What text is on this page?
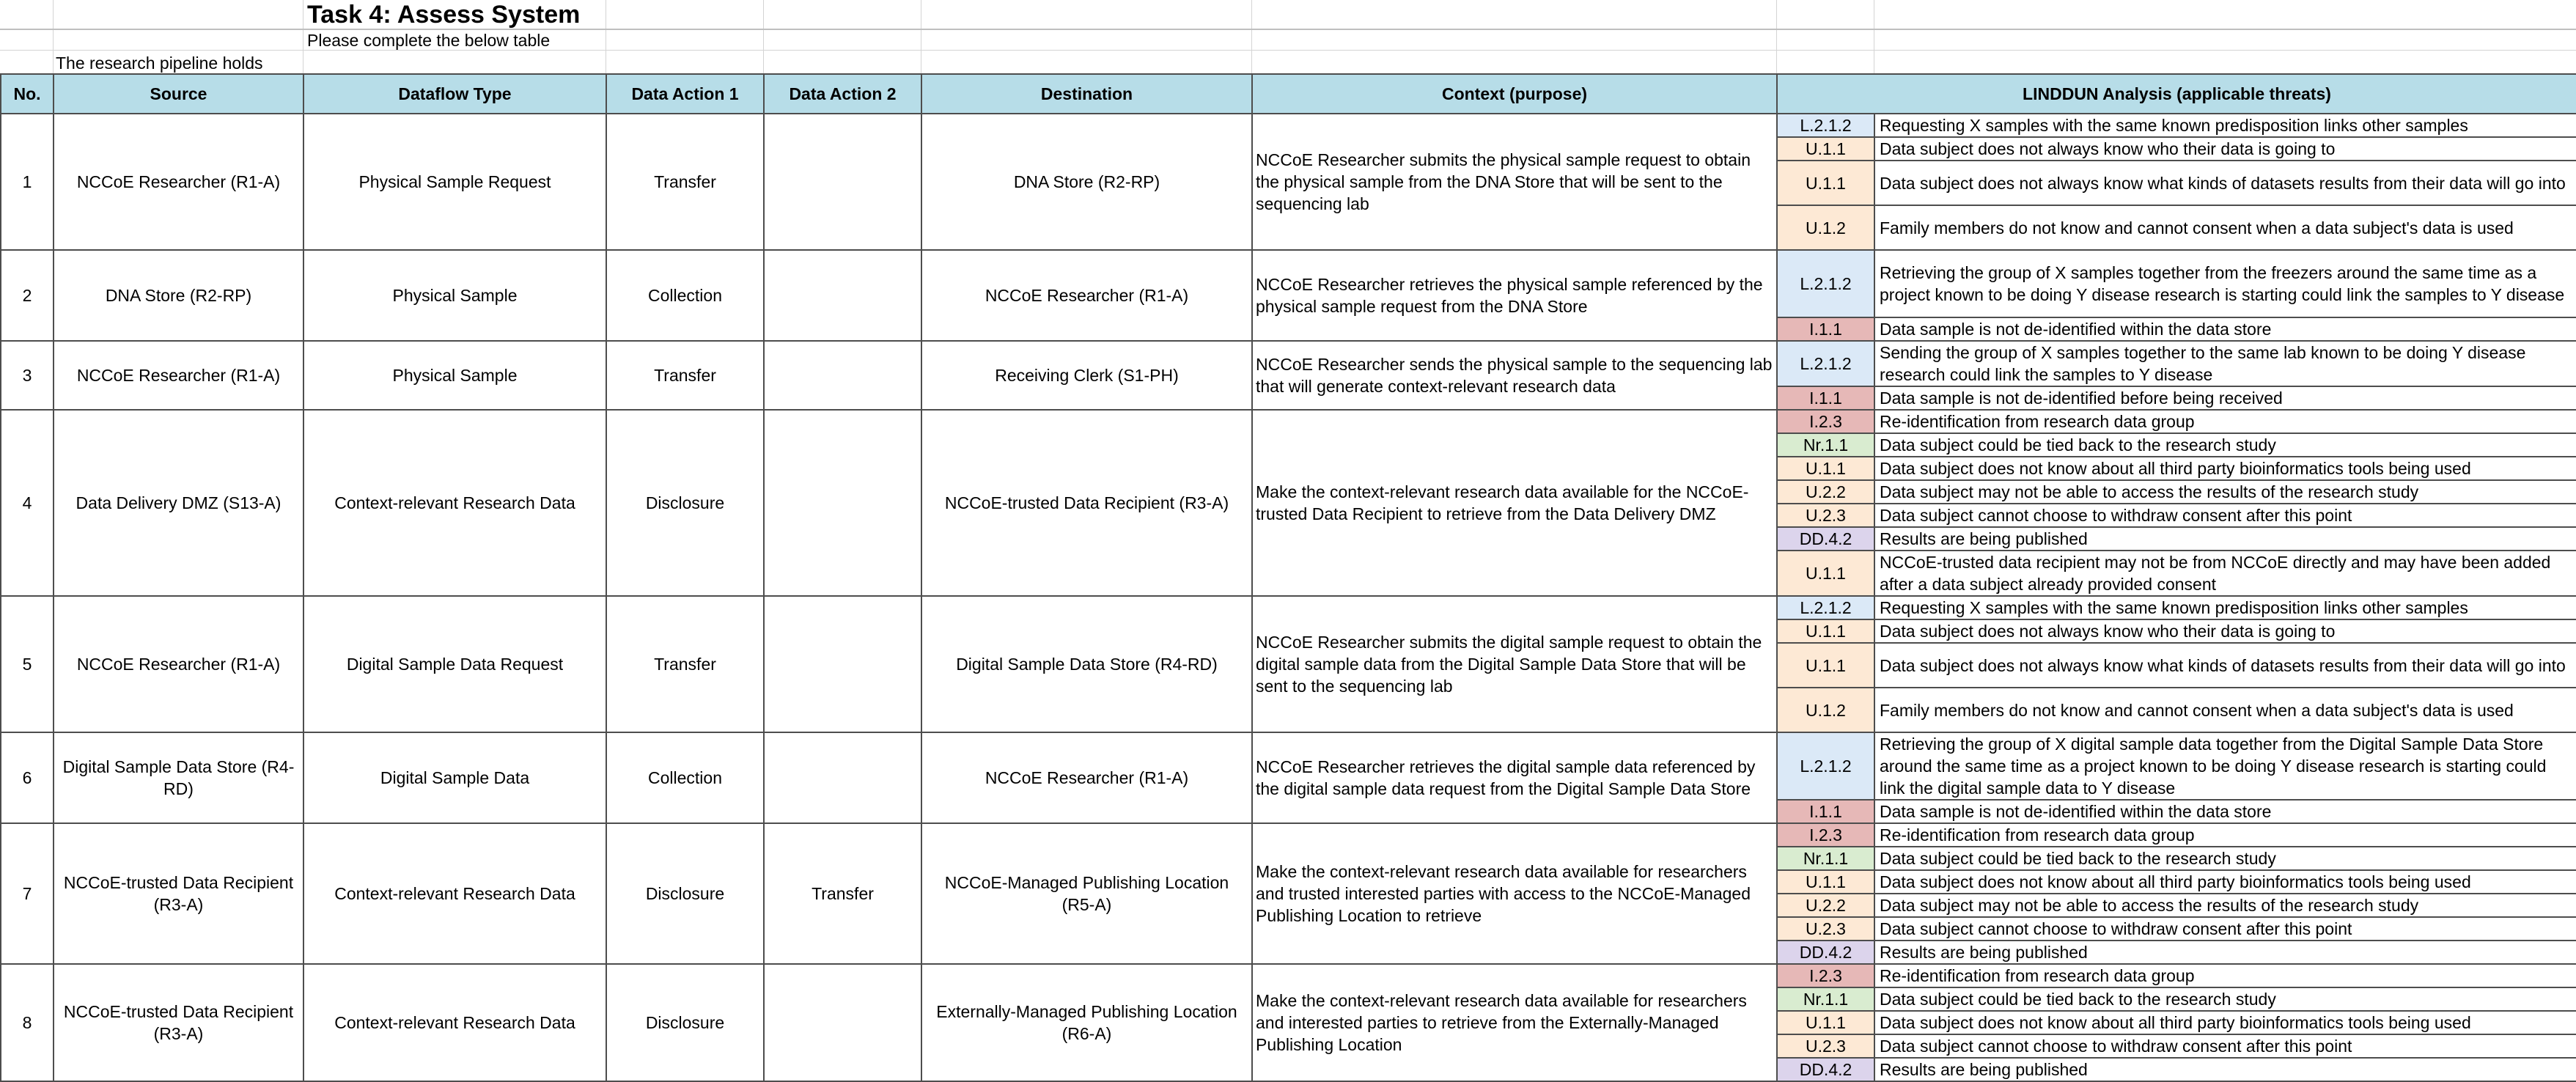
Task 4: Assess System
Please complete the below table
The research pipeline holds
No.	Source	Dataflow Type	Data Action 1	Data Action 2	Destination	Context (purpose)	LINDDUN Analysis (applicable threats)	
1	NCCoE Researcher (R1-A)	Physical Sample Request	Transfer		DNA Store (R2-RP)	NCCoE Researcher submits the physical sample request to obtain the physical sample from the DNA Store that will be sent to the sequencing lab	L.2.1.2	Requesting X samples with the same known predisposition links other samples
							U.1.1	Data subject does not always know who their data is going to
							U.1.1	Data subject does not always know what kinds of datasets results from their data will go into
							U.1.2	Family members do not know and cannot consent when a data subject's data is used
2	DNA Store (R2-RP)	Physical Sample	Collection		NCCoE Researcher (R1-A)	NCCoE Researcher retrieves the physical sample referenced by the physical sample request from the DNA Store	L.2.1.2	Retrieving the group of X samples together from the freezers around the same time as a project known to be doing Y disease research is starting could link the samples to Y disease
							I.1.1	Data sample is not de-identified within the data store
3	NCCoE Researcher (R1-A)	Physical Sample	Transfer		Receiving Clerk (S1-PH)	NCCoE Researcher sends the physical sample to the sequencing lab that will generate context-relevant research data	L.2.1.2	Sending the group of X samples together to the same lab known to be doing Y disease research could link the samples to Y disease
							I.1.1	Data sample is not de-identified before being received
4	Data Delivery DMZ (S13-A)	Context-relevant Research Data	Disclosure		NCCoE-trusted Data Recipient (R3-A)	Make the context-relevant research data available for the NCCoE-trusted Data Recipient to retrieve from the Data Delivery DMZ	I.2.3	Re-identification from research data group
							Nr.1.1	Data subject could be tied back to the research study
							U.1.1	Data subject does not know about all third party bioinformatics tools being used
							U.2.2	Data subject may not be able to access the results of the research study
							U.2.3	Data subject cannot choose to withdraw consent after this point
							DD.4.2	Results are being published
							U.1.1	NCCoE-trusted data recipient may not be from NCCoE directly and may have been added after a data subject already provided consent
5	NCCoE Researcher (R1-A)	Digital Sample Data Request	Transfer		Digital Sample Data Store (R4-RD)	NCCoE Researcher submits the digital sample request to obtain the digital sample data from the Digital Sample Data Store that will be sent to the sequencing lab	L.2.1.2	Requesting X samples with the same known predisposition links other samples
							U.1.1	Data subject does not always know who their data is going to
							U.1.1	Data subject does not always know what kinds of datasets results from their data will go into
							U.1.2	Family members do not know and cannot consent when a data subject's data is used
6	Digital Sample Data Store (R4-RD)	Digital Sample Data	Collection		NCCoE Researcher (R1-A)	NCCoE Researcher retrieves the digital sample data referenced by the digital sample data request from the Digital Sample Data Store	L.2.1.2	Retrieving the group of X digital sample data together from the Digital Sample Data Store around the same time as a project known to be doing Y disease research is starting could link the digital sample data to Y disease
							I.1.1	Data sample is not de-identified within the data store
7	NCCoE-trusted Data Recipient (R3-A)	Context-relevant Research Data	Disclosure	Transfer	NCCoE-Managed Publishing Location (R5-A)	Make the context-relevant research data available for researchers and trusted interested parties with access to the NCCoE-Managed Publishing Location to retrieve	I.2.3	Re-identification from research data group
							Nr.1.1	Data subject could be tied back to the research study
							U.1.1	Data subject does not know about all third party bioinformatics tools being used
							U.2.2	Data subject may not be able to access the results of the research study
							U.2.3	Data subject cannot choose to withdraw consent after this point
							DD.4.2	Results are being published
8	NCCoE-trusted Data Recipient (R3-A)	Context-relevant Research Data	Disclosure		Externally-Managed Publishing Location (R6-A)	Make the context-relevant research data available for researchers and interested parties to retrieve from the Externally-Managed Publishing Location	I.2.3	Re-identification from research data group
							Nr.1.1	Data subject could be tied back to the research study
							U.1.1	Data subject does not know about all third party bioinformatics tools being used
							U.2.3	Data subject cannot choose to withdraw consent after this point
							DD.4.2	Results are being published
